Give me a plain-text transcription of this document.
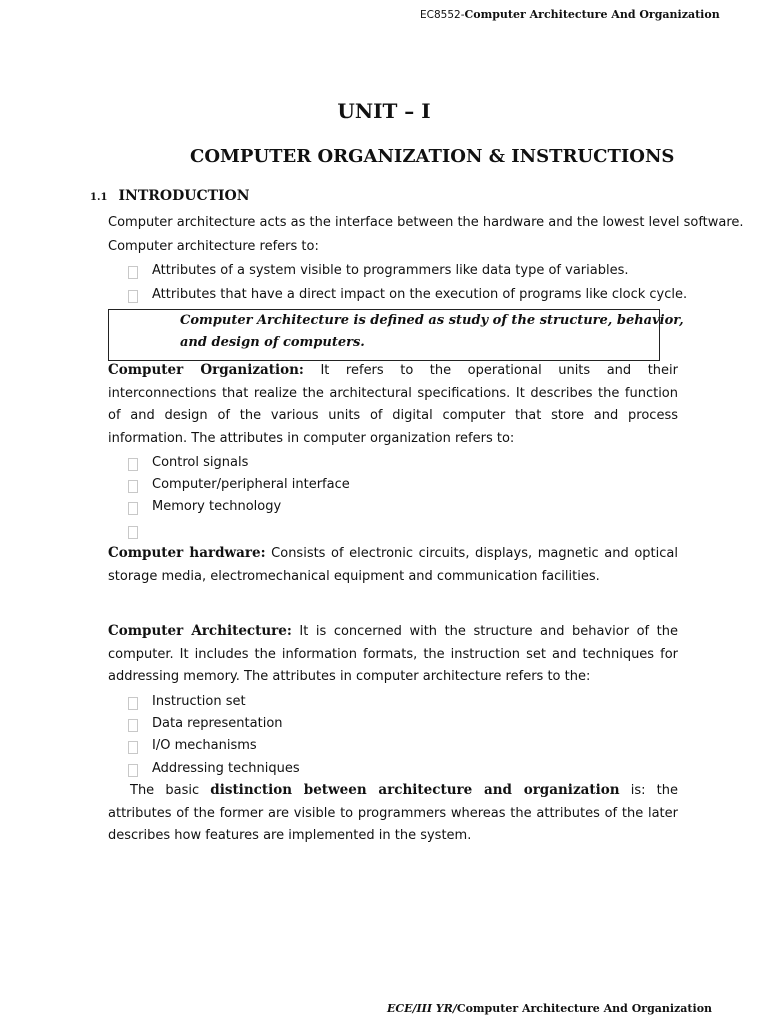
EC8552-Computer Architecture And Organization
UNIT – I
COMPUTER ORGANIZATION & INSTRUCTIONS
1.1 INTRODUCTION
Computer architecture acts as the interface between the hardware and the lowest level software.
Computer architecture refers to:
Attributes of a system visible to programmers like data type of variables.
Attributes that have a direct impact on the execution of programs like clock cycle.
Computer Architecture is defined as study of the structure, behavior,
and design of computers.
Computer Organization: It refers to the operational units and their interconnections that realize the architectural specifications. It describes the function of and design of the various units of digital computer that store and process information. The attributes in computer organization refers to:
Control signals
Computer/peripheral interface
Memory technology
Computer hardware: Consists of electronic circuits, displays, magnetic and optical storage media, electromechanical equipment and communication facilities.
Computer Architecture: It is concerned with the structure and behavior of the computer. It includes the information formats, the instruction set and techniques for addressing memory. The attributes in computer architecture refers to the:
Instruction set
Data representation
I/O mechanisms
Addressing techniques
The basic distinction between architecture and organization is: the attributes of the former are visible to programmers whereas the attributes of the later describes how features are implemented in the system.
ECE/III YR/Computer Architecture And Organization
